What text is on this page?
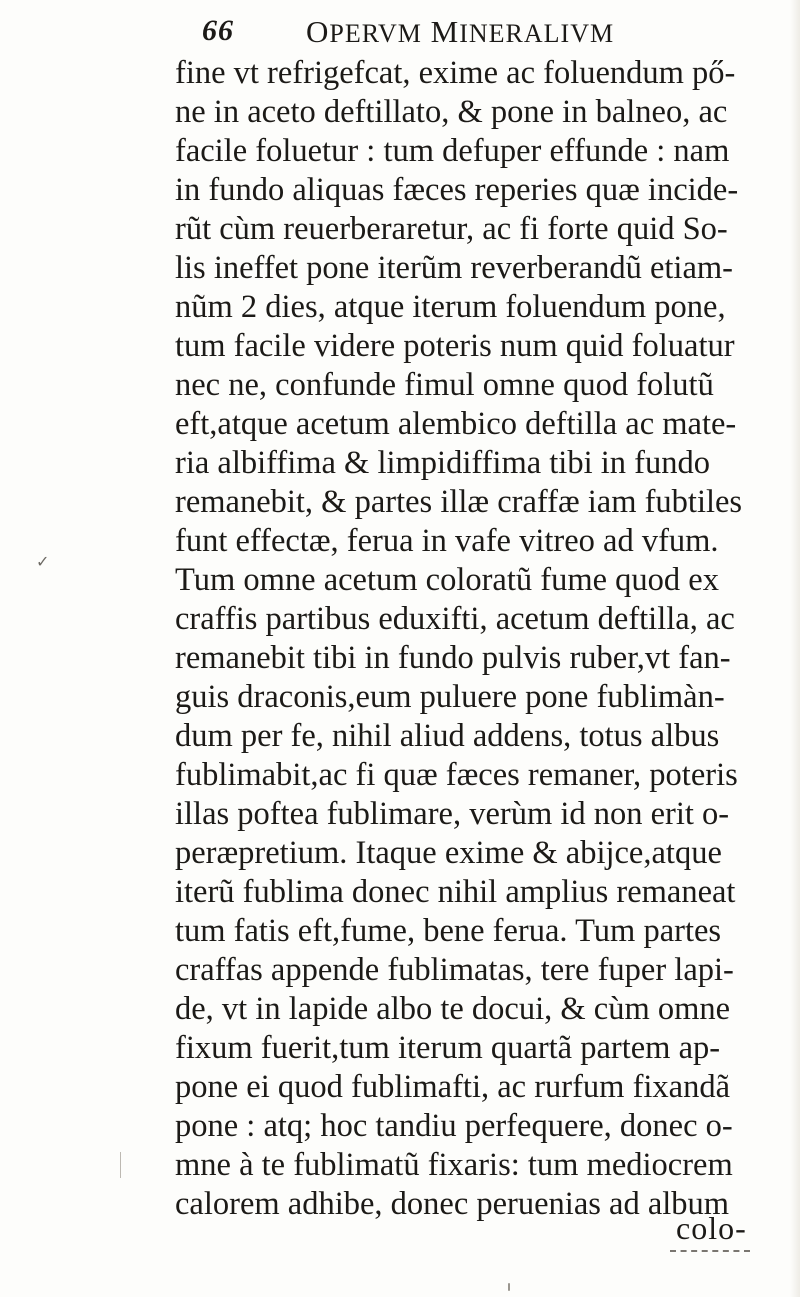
66 OPERVM MINERALIVM
fine vt refrigefcat, exime ac foluendum pő-
ne in aceto deftillato, & pone in balneo, ac
facile foluetur : tum defuper effunde : nam
in fundo aliquas fæces reperies quæ incide-
rũt cùm reuerberaretur, ac fi forte quid So-
lis ineffet pone iterũm reverberandũ etiam-
nũm 2 dies, atque iterum foluendum pone,
tum facile videre poteris num quid foluatur
nec ne, confunde fimul omne quod folutũ
eft,atque acetum alembico deftilla ac mate-
ria albiffima & limpidiffima tibi in fundo
remanebit, & partes illæ craffæ iam fubtiles
funt effectæ, ferua in vafe vitreo ad vfum.
Tum omne acetum coloratũ fume quod ex
craffis partibus eduxifti, acetum deftilla, ac
remanebit tibi in fundo pulvis ruber,vt fan-
guis draconis,eum puluere pone fublimàn-
dum per fe, nihil aliud addens, totus albus
fublimabit,ac fi quæ fæces remaner, poteris
illas poftea fublimare, verùm id non erit o-
peræpretium. Itaque exime & abijce,atque
iterũ fublima donec nihil amplius remaneat
tum fatis eft,fume, bene ferua. Tum partes
craffas appende fublimatas, tere fuper lapi-
de, vt in lapide albo te docui, & cùm omne
fixum fuerit,tum iterum quartã partem ap-
pone ei quod fublimafti, ac rurfum fixandã
pone : atq; hoc tandiu perfequere, donec o-
mne à te fublimatũ fixaris: tum mediocrem
calorem adhibe, donec peruenias ad album
colo-
✓
